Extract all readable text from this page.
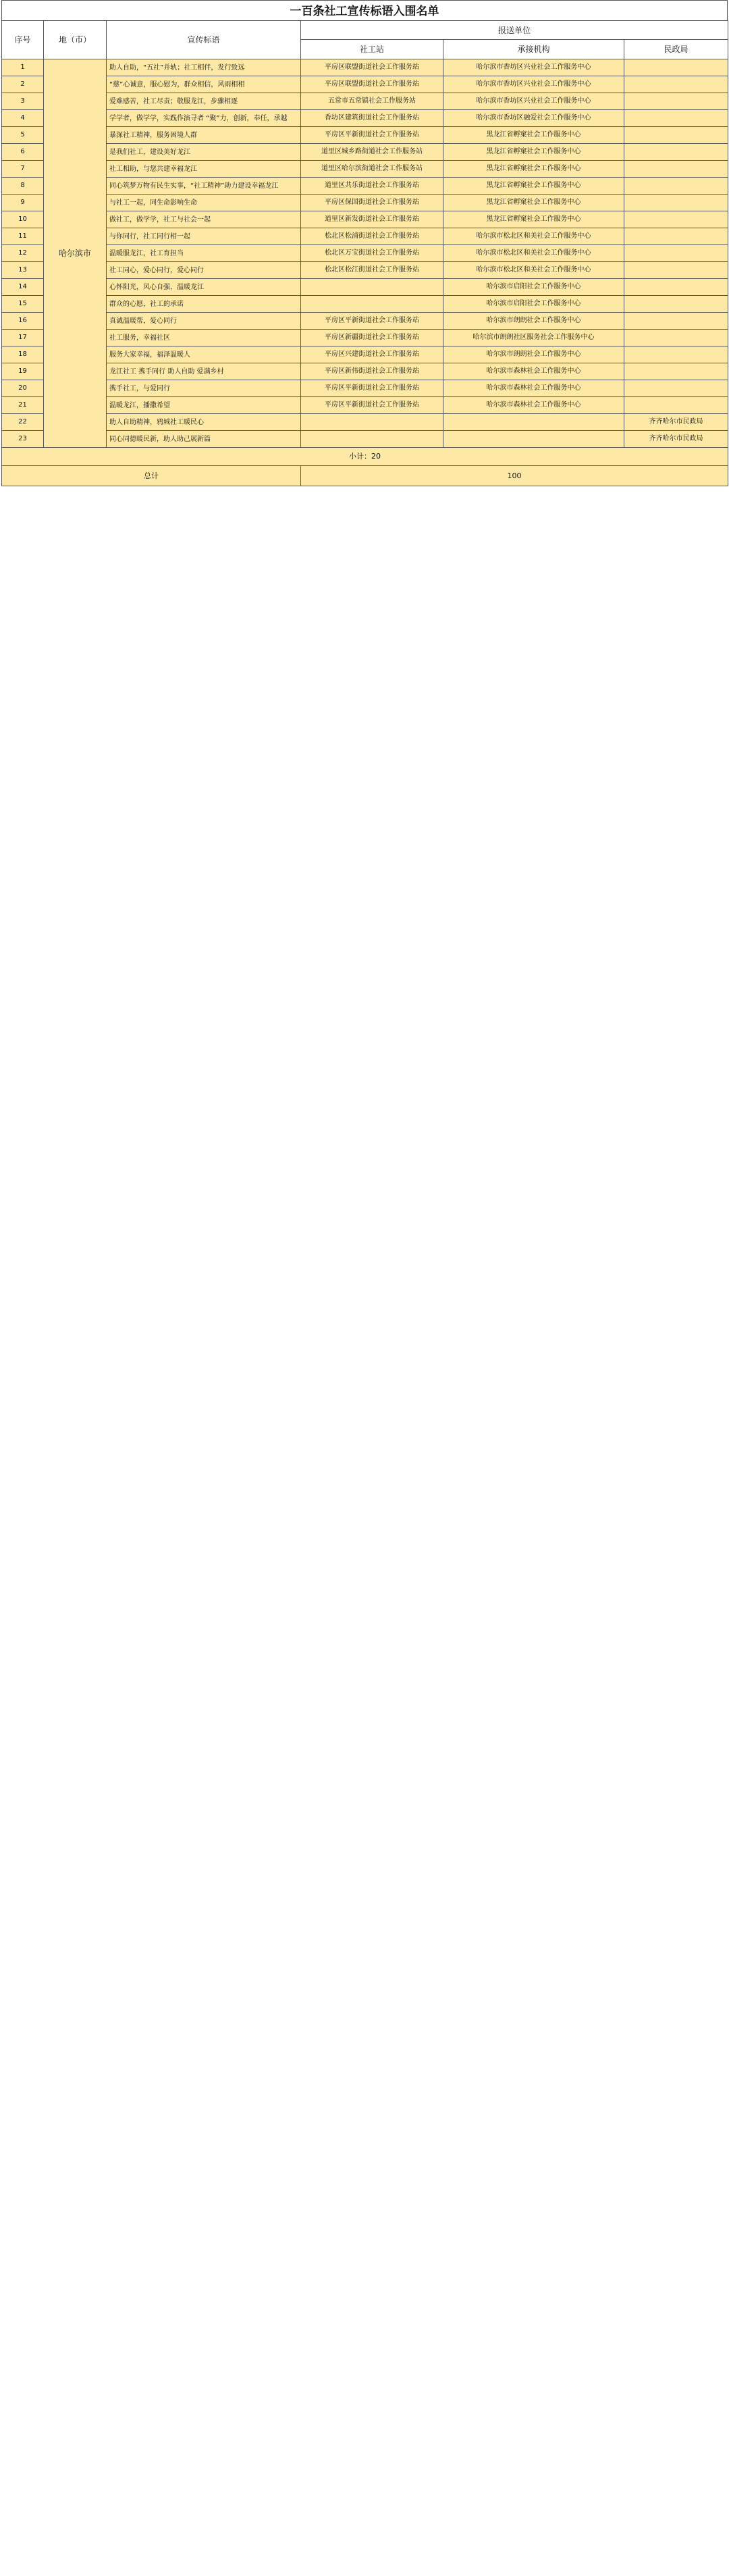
一百条社工宣传标语入围名单
序号	地（市）	宣传标语	报送单位		
			社工站	承接机构	民政局
1	哈尔滨市	助人自助，“五社”并轨；社工相伴，发行致远	平房区联盟街道社会工作服务站	哈尔滨市香坊区兴业社会工作服务中心	
2		“慈”心诚意，服心慰为，群众相信，风雨相相	平房区联盟街道社会工作服务站	哈尔滨市香坊区兴业社会工作服务中心	
3		爱难感苦，社工尽责；敬服龙江，步骤相逐	五常市五常镇社会工作服务站	哈尔滨市香坊区兴业社会工作服务中心	
4		学学者，做学学，实践作演寻者 “聚”力，创新，奉任，承越	香坊区建筑街道社会工作服务站	哈尔滨市香坊区融爱社会工作服务中心	
5		暴深社工精神，服务困境人群	平房区平新街道社会工作服务站	黑龙江省孵窠社会工作服务中心	
6		是我们社工，建设美好龙江	道里区城乡路街道社会工作服务站	黑龙江省孵窠社会工作服务中心	
7		社工相助，与您共建幸福龙江	道里区哈尔滨街道社会工作服务站	黑龙江省孵窠社会工作服务中心	
8		同心筑梦万物有民生实事，“社工精神”助力建设幸福龙江	道里区共乐街道社会工作服务站	黑龙江省孵窠社会工作服务中心	
9		与社工一起，同生命影响生命	平房区保国街道社会工作服务站	黑龙江省孵窠社会工作服务中心	
10		做社工，做学学，社工与社会一起	道里区新发街道社会工作服务站	黑龙江省孵窠社会工作服务中心	
11		与你同行，社工同行相一起	松北区松浦街道社会工作服务站	哈尔滨市松北区和美社会工作服务中心	
12		温暖服龙江，社工育担当	松北区万宝街道社会工作服务站	哈尔滨市松北区和美社会工作服务中心	
13		社工同心，爱心同行，爱心同行	松北区松江街道社会工作服务站	哈尔滨市松北区和美社会工作服务中心	
14		心怀阳光，风心自强，温暖龙江		哈尔滨市启阳社会工作服务中心	
15		群众的心愿，社工的承诺		哈尔滨市启阳社会工作服务中心	
16		真诚温暖帮，爱心同行	平房区平新街道社会工作服务站	哈尔滨市朗朗社会工作服务中心	
17		社工服务，幸福社区	平房区新疆街道社会工作服务站	哈尔滨市朗朗社区服务社会工作服务中心	
18		服务大家幸福，福泽温暖人	平房区兴建街道社会工作服务站	哈尔滨市朗朗社会工作服务中心	
19		龙江社工 携手同行 助人自助 爱满乡村	平房区新伟街道社会工作服务站	哈尔滨市森林社会工作服务中心	
20		携手社工，与爱同行	平房区平新街道社会工作服务站	哈尔滨市森林社会工作服务中心	
21		温暖龙江，播撒希望	平房区平新街道社会工作服务站	哈尔滨市森林社会工作服务中心	
22		助人自助精神，鸦城社工暖民心			齐齐哈尔市民政局
23		同心同德暖民新，助人助己展新篇			齐齐哈尔市民政局
小计：20					
总计			100		
